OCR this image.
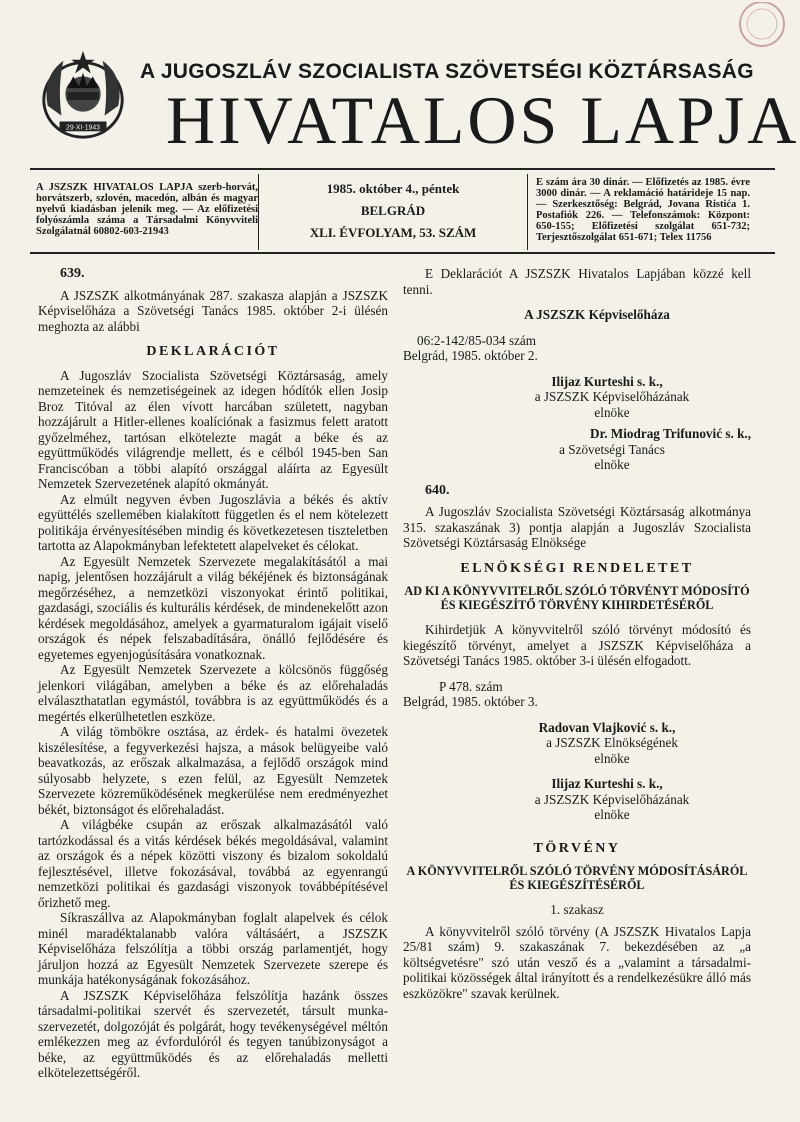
29·XI·1943
A JUGOSZLÁV SZOCIALISTA SZÖVETSÉGI KÖZTÁRSASÁG
HIVATALOS LAPJA
A JSZSZK HIVATALOS LAPJA szerb-horvát, horvátszerb, szlovén, macedón, albán és magyar nyelvű kiadásban jelenik meg. — Az előfizetési folyószámla száma a Társadalmi Könyvviteli Szolgálatnál 60802-603-21943
1985. október 4., péntek
BELGRÁD
XLI. ÉVFOLYAM, 53. SZÁM
E szám ára 30 dinár. — Előfizetés az 1985. évre 3000 dinár. — A reklamáció határideje 15 nap. — Szerkesztőség: Belgrád, Jovana Ristića 1. Postafiók 226. — Telefonszámok: Központ: 650-155; Előfizetési szolgálat 651-732; Terjesztőszolgálat 651-671; Telex 11756

639.

A JSZSZK alkotmányának 287. szakasza alapján a JSZSZK Képviselőháza a Szövetségi Tanács 1985. október 2-i ülésén meghozta az alábbi

DEKLARÁCIÓT

A Jugoszláv Szocialista Szövetségi Köztársaság, amely nemzeteinek és nemzetiségeinek az idegen hódítók ellen Josip Broz Titóval az élen vívott harcában született, nagyban hozzájárult a Hitler-ellenes koalíciónak a fasizmus felett aratott győzelméhez, tartósan elkötelezte magát a béke és az együttműködés világrendje mellett, és e célból 1945-ben San Franciscóban a többi alapító országgal aláírta az Egyesült Nemzetek Szervezetének alapító okmányát.

Az elmúlt negyven évben Jugoszlávia a békés és aktív együttélés szellemében kialakított független és el nem kötelezett politikája érvényesítésében mindig és következetesen tiszteletben tartotta az Alapokmányban lefektetett alapelveket és célokat.

Az Egyesült Nemzetek Szervezete megalakításától a mai napig, jelentősen hozzájárult a világ békéjének és biztonságának megőrzéséhez, a nemzetközi viszonyokat érintő politikai, gazdasági, szociális és kulturális kérdések, de mindenekelőtt azon kérdések megoldásához, amelyek a gyarmaturalom igájait viselő országok és népek felszabadítására, önálló fejlődésére és egyetemes egyenjogúsítására vonatkoznak.

Az Egyesült Nemzetek Szervezete a kölcsönös függőség jelenkori világában, amelyben a béke és az előrehaladás elválaszthatatlan egymástól, továbbra is az együttműködés és a megértés elkerülhetetlen eszköze.

A világ tömbökre osztása, az érdek- és hatalmi övezetek kiszélesítése, a fegyverkezési hajsza, a mások belügyeibe való beavatkozás, az erőszak alkalmazása, a fejlődő országok mind súlyosabb helyzete, s ezen felül, az Egyesült Nemzetek Szervezete közreműködésének megkerülése nem eredményezhet békét, biztonságot és előrehaladást.

A világbéke csupán az erőszak alkalmazásától való tartózkodással és a vitás kérdések békés megoldásával, valamint az országok és a népek közötti viszony és bizalom sokoldalú fejlesztésével, illetve fokozásával, továbbá az egyenrangú nemzetközi politikai és gazdasági viszonyok továbbépítésével őrizhető meg.

Síkraszállva az Alapokmányban foglalt alapelvek és célok minél maradéktalanabb valóra váltásáért, a JSZSZK Képviselőháza felszólítja a többi ország parlamentjét, hogy járuljon hozzá az Egyesült Nemzetek Szervezete szerepe és munkája hatékonyságának fokozásához.

A JSZSZK Képviselőháza felszólítja hazánk összes társadalmi-politikai szervét és szervezetét, társult munka-szervezetét, dolgozóját és polgárát, hogy tevékenységével méltón emlékezzen meg az évfordulóról és tegyen tanúbizonyságot a béke, az együttműködés és az előrehaladás melletti elkötelezettségéről.

E Deklarációt A JSZSZK Hivatalos Lapjában közzé kell tenni.

A JSZSZK Képviselőháza

06:2-142/85-034 szám

Belgrád, 1985. október 2.

Ilijaz Kurteshi s. k.,

a JSZSZK Képviselőházának

elnöke

Dr. Miodrag Trifunović s. k.,

a Szövetségi Tanács

elnöke

640.

A Jugoszláv Szocialista Szövetségi Köztársaság alkotmánya 315. szakaszának 3) pontja alapján a Jugoszláv Szocialista Szövetségi Köztársaság Elnöksége

ELNÖKSÉGI RENDELETET

AD KI A KÖNYVVITELRŐL SZÓLÓ TÖRVÉNYT MÓDOSÍTÓ ÉS KIEGÉSZÍTŐ TÖRVÉNY KIHIRDETÉSÉRŐL

Kihirdetjük A könyvvitelről szóló törvényt módosító és kiegészítő törvényt, amelyet a JSZSZK Képviselőháza a Szövetségi Tanács 1985. október 3-i ülésén elfogadott.

P 478. szám

Belgrád, 1985. október 3.

Radovan Vlajković s. k.,

a JSZSZK Elnökségének

elnöke

Ilijaz Kurteshi s. k.,

a JSZSZK Képviselőházának

elnöke

TÖRVÉNY

A KÖNYVVITELRŐL SZÓLÓ TÖRVÉNY MÓDOSÍTÁSÁRÓL ÉS KIEGÉSZÍTÉSÉRŐL

1. szakasz

A könyvvitelről szóló törvény (A JSZSZK Hivatalos Lapja 25/81 szám) 9. szakaszának 7. bekezdésében az „a költségvetésre" szó után vesző és a „valamint a társadalmi-politikai közösségek által irányított és a rendelkezésükre álló más eszközökre" szavak kerülnek.
